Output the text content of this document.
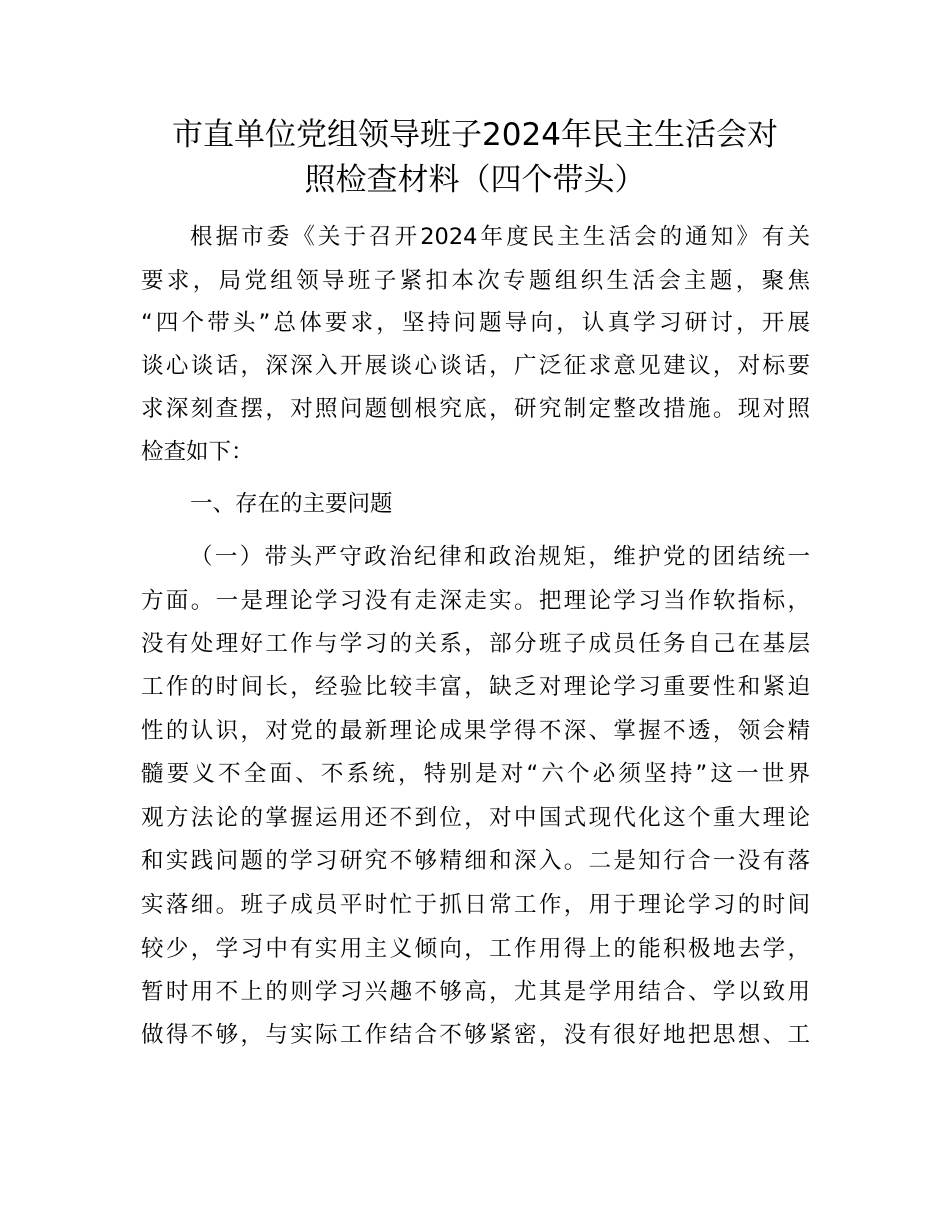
市直单位党组领导班子2024年民主生活会对
照检查材料（四个带头）
根据市委《关于召开2024年度民主生活会的通知》有关
要求，局党组领导班子紧扣本次专题组织生活会主题，聚焦
“四个带头”总体要求，坚持问题导向，认真学习研讨，开展
谈心谈话，深深入开展谈心谈话，广泛征求意见建议，对标要
求深刻查摆，对照问题刨根究底，研究制定整改措施。现对照
检查如下：
一、存在的主要问题
（一）带头严守政治纪律和政治规矩，维护党的团结统一
方面。一是理论学习没有走深走实。把理论学习当作软指标，
没有处理好工作与学习的关系，部分班子成员任务自己在基层
工作的时间长，经验比较丰富，缺乏对理论学习重要性和紧迫
性的认识，对党的最新理论成果学得不深、掌握不透，领会精
髓要义不全面、不系统，特别是对“六个必须坚持”这一世界
观方法论的掌握运用还不到位，对中国式现代化这个重大理论
和实践问题的学习研究不够精细和深入。二是知行合一没有落
实落细。班子成员平时忙于抓日常工作，用于理论学习的时间
较少，学习中有实用主义倾向，工作用得上的能积极地去学，
暂时用不上的则学习兴趣不够高，尤其是学用结合、学以致用
做得不够，与实际工作结合不够紧密，没有很好地把思想、工
